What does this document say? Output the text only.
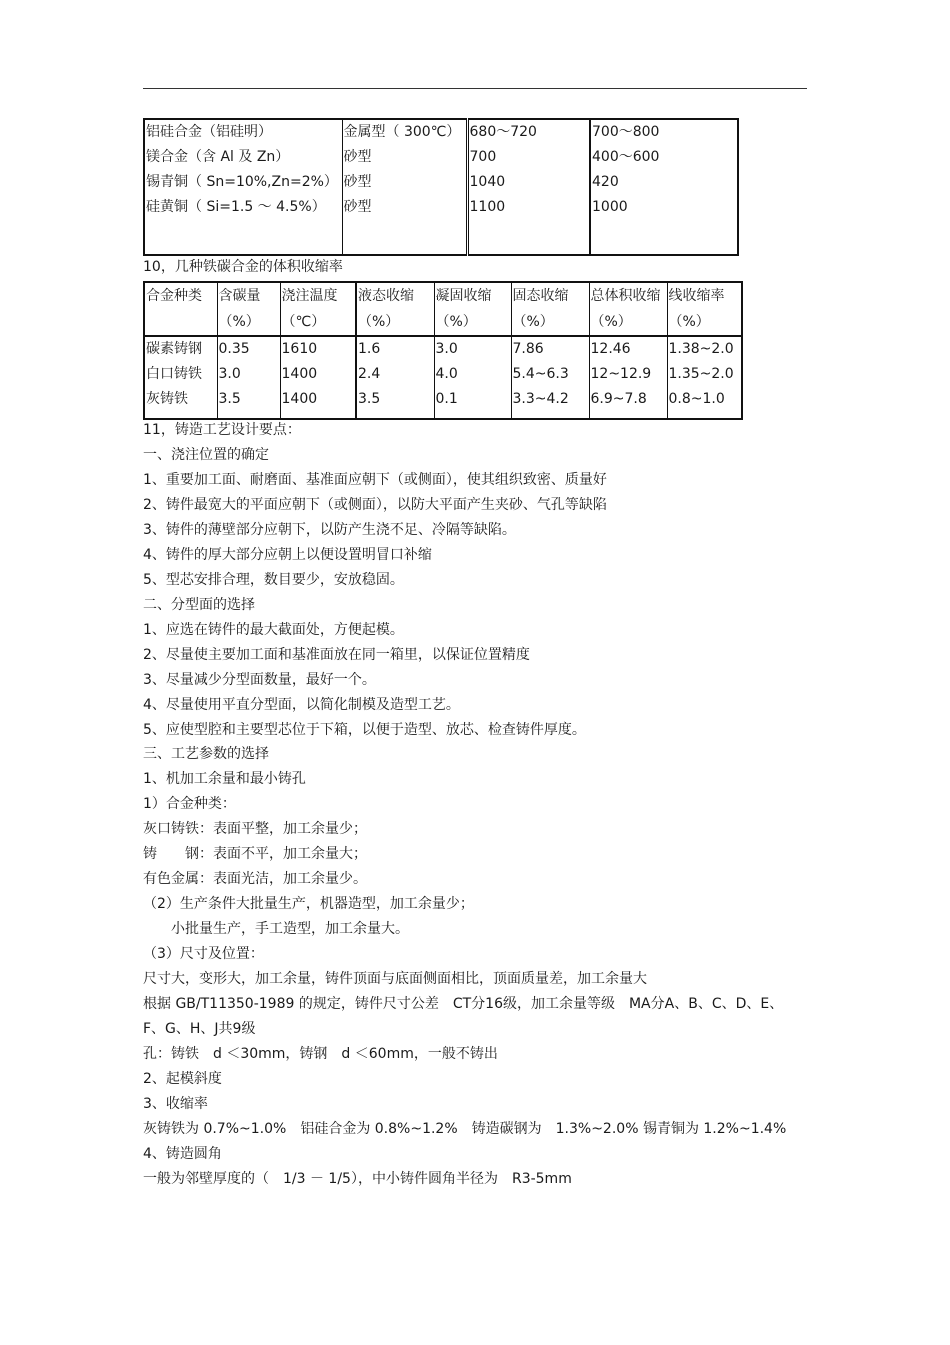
铝硅合金（铝硅明）	金属型（ 300℃）	680～720	700～800
镁合金（含 Al 及 Zn）	砂型	700	400～600
锡青铜（ Sn=10%,Zn=2%）	砂型	1040	420
硅黄铜（ Si=1.5 ～ 4.5%）	砂型	1100	1000

10，几种铁碳合金的体积收缩率
合金种类	含碳量（%）	浇注温度（℃）	液态收缩（%）	凝固收缩（%）	固态收缩（%）	总体积收缩（%）	线收缩率（%）
碳素铸钢	0.35	1610	1.6	3.0	7.86	12.46	1.38~2.0
白口铸铁	3.0	1400	2.4	4.0	5.4~6.3	12~12.9	1.35~2.0
灰铸铁	3.5	1400	3.5	0.1	3.3~4.2	6.9~7.8	0.8~1.0
11，铸造工艺设计要点：
一、浇注位置的确定
1、重要加工面、耐磨面、基准面应朝下（或侧面），使其组织致密、质量好
2、铸件最宽大的平面应朝下（或侧面），以防大平面产生夹砂、气孔等缺陷
3、铸件的薄壁部分应朝下，以防产生浇不足、冷隔等缺陷。
4、铸件的厚大部分应朝上以便设置明冒口补缩
5、型芯安排合理，数目要少，安放稳固。
二、分型面的选择
1、应选在铸件的最大截面处，方便起模。
2、尽量使主要加工面和基准面放在同一箱里，以保证位置精度
3、尽量减少分型面数量，最好一个。
4、尽量使用平直分型面，以简化制模及造型工艺。
5、应使型腔和主要型芯位于下箱，以便于造型、放芯、检查铸件厚度。
三、工艺参数的选择
1、机加工余量和最小铸孔
1）合金种类：
灰口铸铁：表面平整，加工余量少；
铸　　钢：表面不平，加工余量大；
有色金属：表面光洁，加工余量少。
（2）生产条件大批量生产，机器造型，加工余量少；
　　小批量生产，手工造型，加工余量大。
（3）尺寸及位置：
尺寸大，变形大，加工余量，铸件顶面与底面侧面相比，顶面质量差，加工余量大
根据 GB/T11350-1989 的规定，铸件尺寸公差　CT分16级，加工余量等级　MA分A、B、C、D、E、
F、G、H、J共9级
孔：铸铁　d ＜30mm，铸钢　d ＜60mm，一般不铸出
2、起模斜度
3、收缩率
灰铸铁为 0.7%~1.0%　铝硅合金为 0.8%~1.2%　铸造碳钢为　1.3%~2.0% 锡青铜为 1.2%~1.4%
4、铸造圆角
一般为邻壁厚度的（　1/3 － 1/5），中小铸件圆角半径为　R3-5mm
